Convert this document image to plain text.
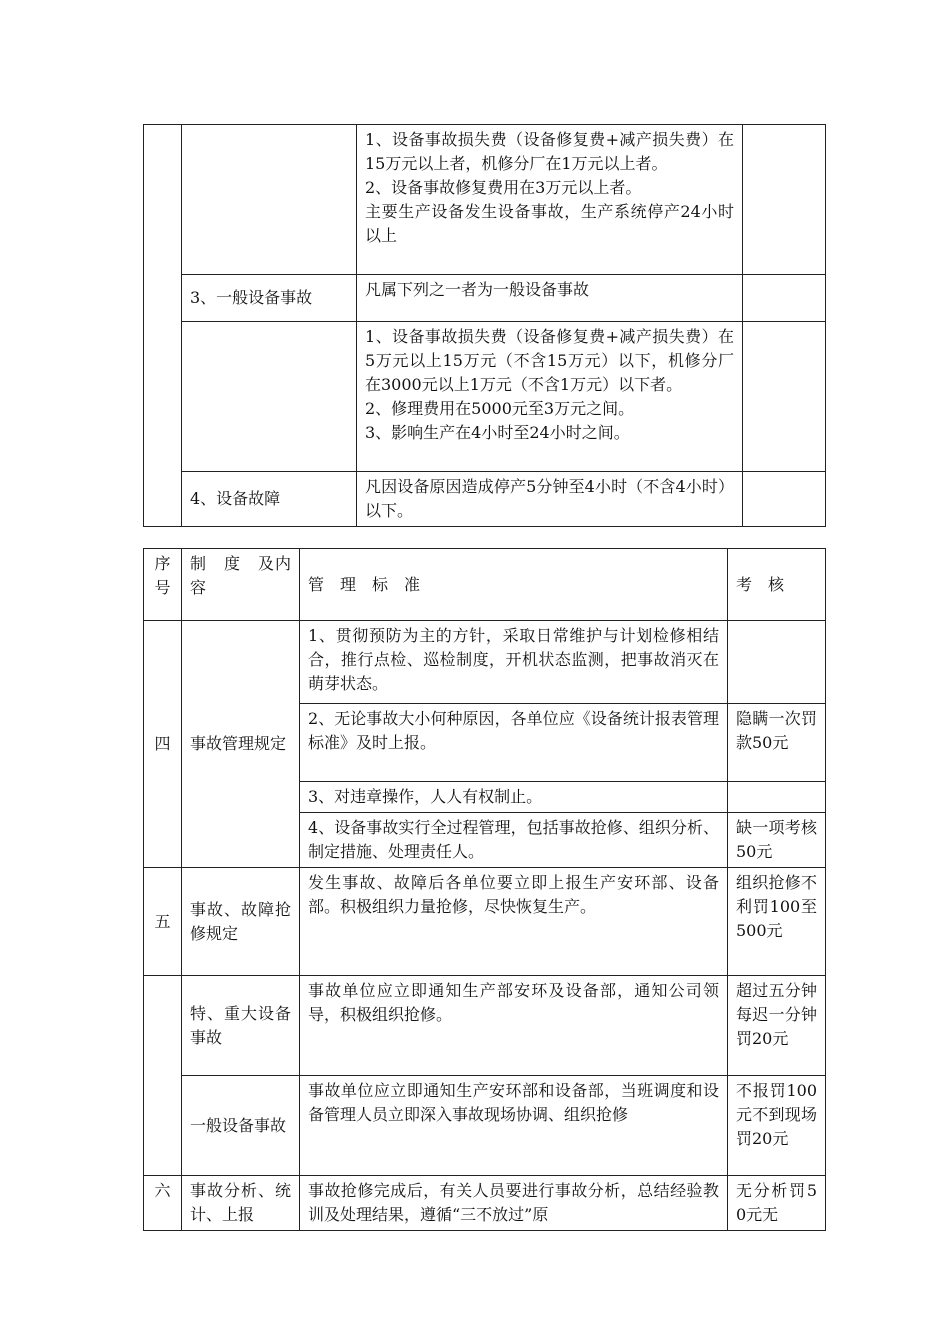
		1、设备事故损失费（设备修复费+减产损失费）在15万元以上者，机修分厂在1万元以上者。
2、设备事故修复费用在3万元以上者。
主要生产设备发生设备事故，生产系统停产24小时以上	

	3、一般设备事故	凡属下列之一者为一般设备事故	

		1、设备事故损失费（设备修复费+减产损失费）在5万元以上15万元（不含15万元）以下，机修分厂在3000元以上1万元（不含1万元）以下者。
2、修理费用在5000元至3万元之间。
3、影响生产在4小时至24小时之间。	

	4、设备故障	凡因设备原因造成停产5分钟至4小时（不含4小时）以下。	
序号	制　度　及内容	管　理　标　准	考　核
四	事故管理规定	1、贯彻预防为主的方针，采取日常维护与计划检修相结合，推行点检、巡检制度，开机状态监测，把事故消灭在萌芽状态。	
		2、无论事故大小何种原因，各单位应《设备统计报表管理标准》及时上报。	隐瞒一次罚款50元
		3、对违章操作，人人有权制止。	
		4、设备事故实行全过程管理，包括事故抢修、组织分析、制定措施、处理责任人。	缺一项考核50元
五	事故、故障抢修规定	发生事故、故障后各单位要立即上报生产安环部、设备部。积极组织力量抢修，尽快恢复生产。	组织抢修不利罚100至500元
	特、重大设备事故	事故单位应立即通知生产部安环及设备部，通知公司领导，积极组织抢修。	超过五分钟每迟一分钟罚20元
	一般设备事故	事故单位应立即通知生产安环部和设备部，当班调度和设备管理人员立即深入事故现场协调、组织抢修	不报罚100元不到现场罚20元
六	事故分析、统计、上报	事故抢修完成后，有关人员要进行事故分析，总结经验教训及处理结果，遵循“三不放过”原	无分析罚50元无
